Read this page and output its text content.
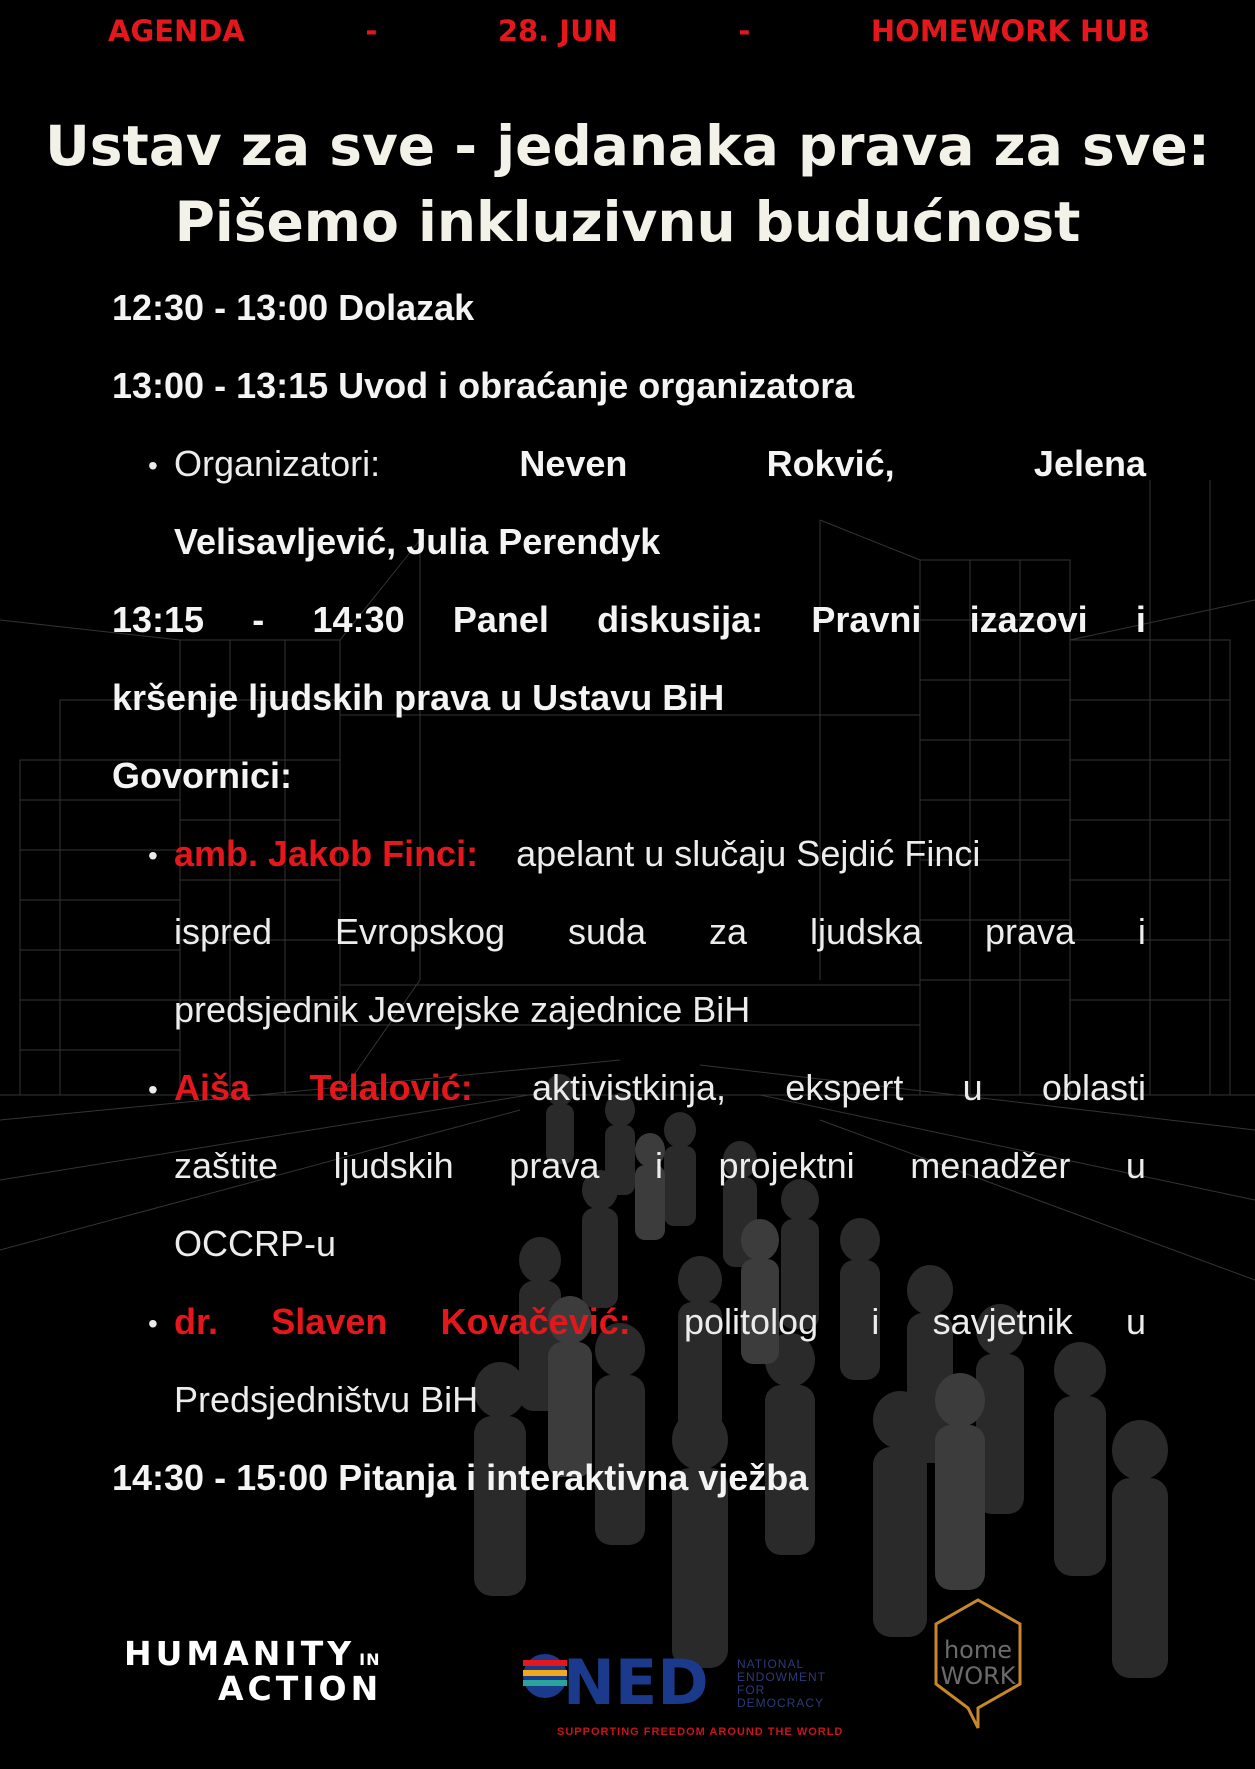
AGENDA	-	28. JUN	-	HOMEWORK HUB
Ustav za sve - jedanaka prava za sve:
Pišemo inkluzivnu budućnost
12:30 - 13:00 Dolazak
13:00 - 13:15 Uvod i obraćanje organizatora
• Organizatori:	Neven	Rokvić,	Jelena
Velisavljević, Julia Perendyk
13:15 - 14:30 Panel diskusija: Pravni izazovi i
kršenje ljudskih prava u Ustavu BiH
Govornici:
• amb. Jakob Finci: apelant u slučaju Sejdić Finci
ispred Evropskog suda za ljudska prava i
predsjednik Jevrejske zajednice BiH
• Aiša Telalović: aktivistkinja, ekspert u oblasti
zaštite ljudskih prava i projektni menadžer u
OCCRP-u
• dr. Slaven Kovačević: politolog i savjetnik u
Predsjedništvu BiH
14:30 - 15:00 Pitanja i interaktivna vježba
HUMANITY IN
ACTION	NED NATIONAL
ENDOWMENT
FOR
DEMOCRACY
SUPPORTING FREEDOM AROUND THE WORLD
home
WORK
